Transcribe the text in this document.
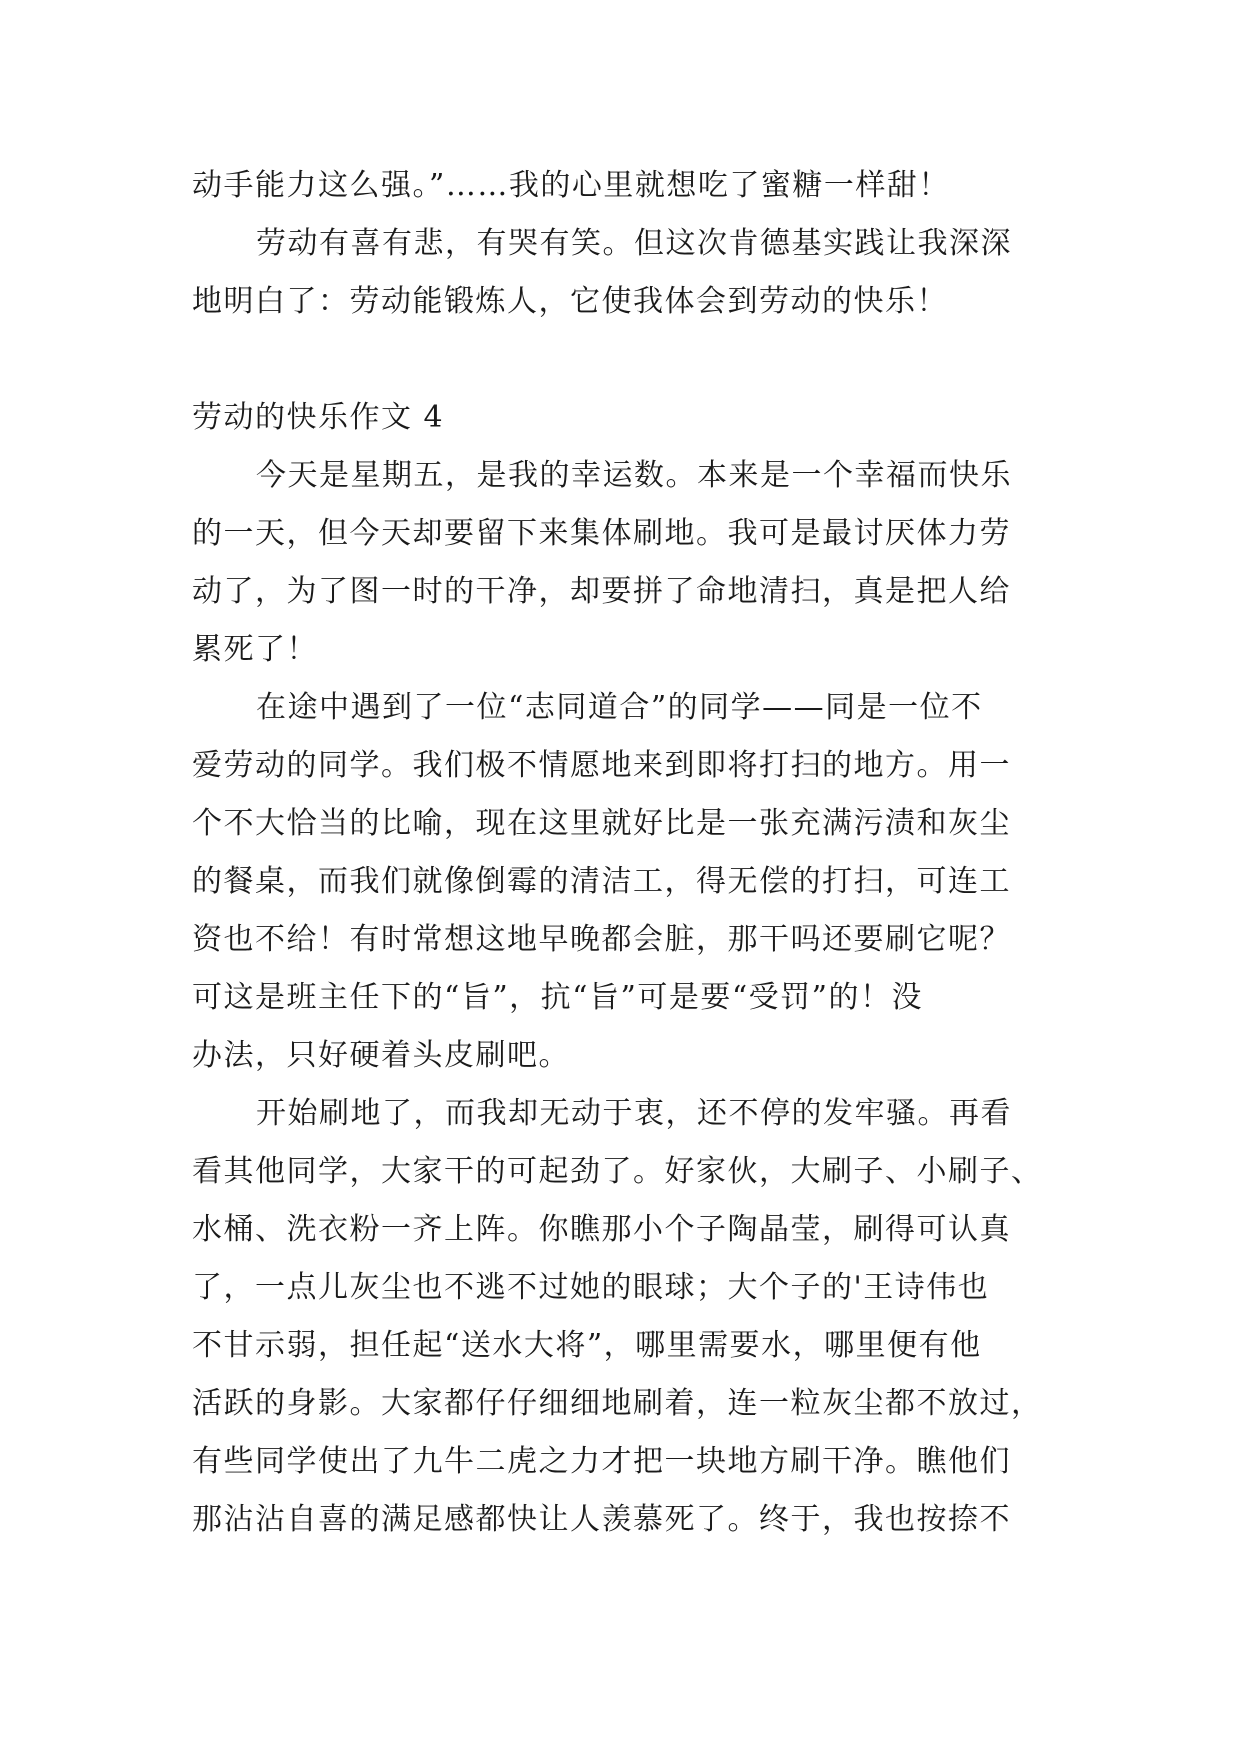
动手能力这么强。”……我的心里就想吃了蜜糖一样甜！
劳动有喜有悲，有哭有笑。但这次肯德基实践让我深深
地明白了：劳动能锻炼人，它使我体会到劳动的快乐！
劳动的快乐作文 4
今天是星期五，是我的幸运数。本来是一个幸福而快乐
的一天，但今天却要留下来集体刷地。我可是最讨厌体力劳
动了，为了图一时的干净，却要拼了命地清扫，真是把人给
累死了！
在途中遇到了一位“志同道合”的同学——同是一位不
爱劳动的同学。我们极不情愿地来到即将打扫的地方。用一
个不大恰当的比喻，现在这里就好比是一张充满污渍和灰尘
的餐桌，而我们就像倒霉的清洁工，得无偿的打扫，可连工
资也不给！有时常想这地早晚都会脏，那干吗还要刷它呢？
可这是班主任下的“旨”，抗“旨”可是要“受罚”的！没
办法，只好硬着头皮刷吧。
开始刷地了，而我却无动于衷，还不停的发牢骚。再看
看其他同学，大家干的可起劲了。好家伙，大刷子、小刷子、
水桶、洗衣粉一齐上阵。你瞧那小个子陶晶莹，刷得可认真
了，一点儿灰尘也不逃不过她的眼球；大个子的'王诗伟也
不甘示弱，担任起“送水大将”，哪里需要水，哪里便有他
活跃的身影。大家都仔仔细细地刷着，连一粒灰尘都不放过，
有些同学使出了九牛二虎之力才把一块地方刷干净。瞧他们
那沾沾自喜的满足感都快让人羡慕死了。终于，我也按捺不
